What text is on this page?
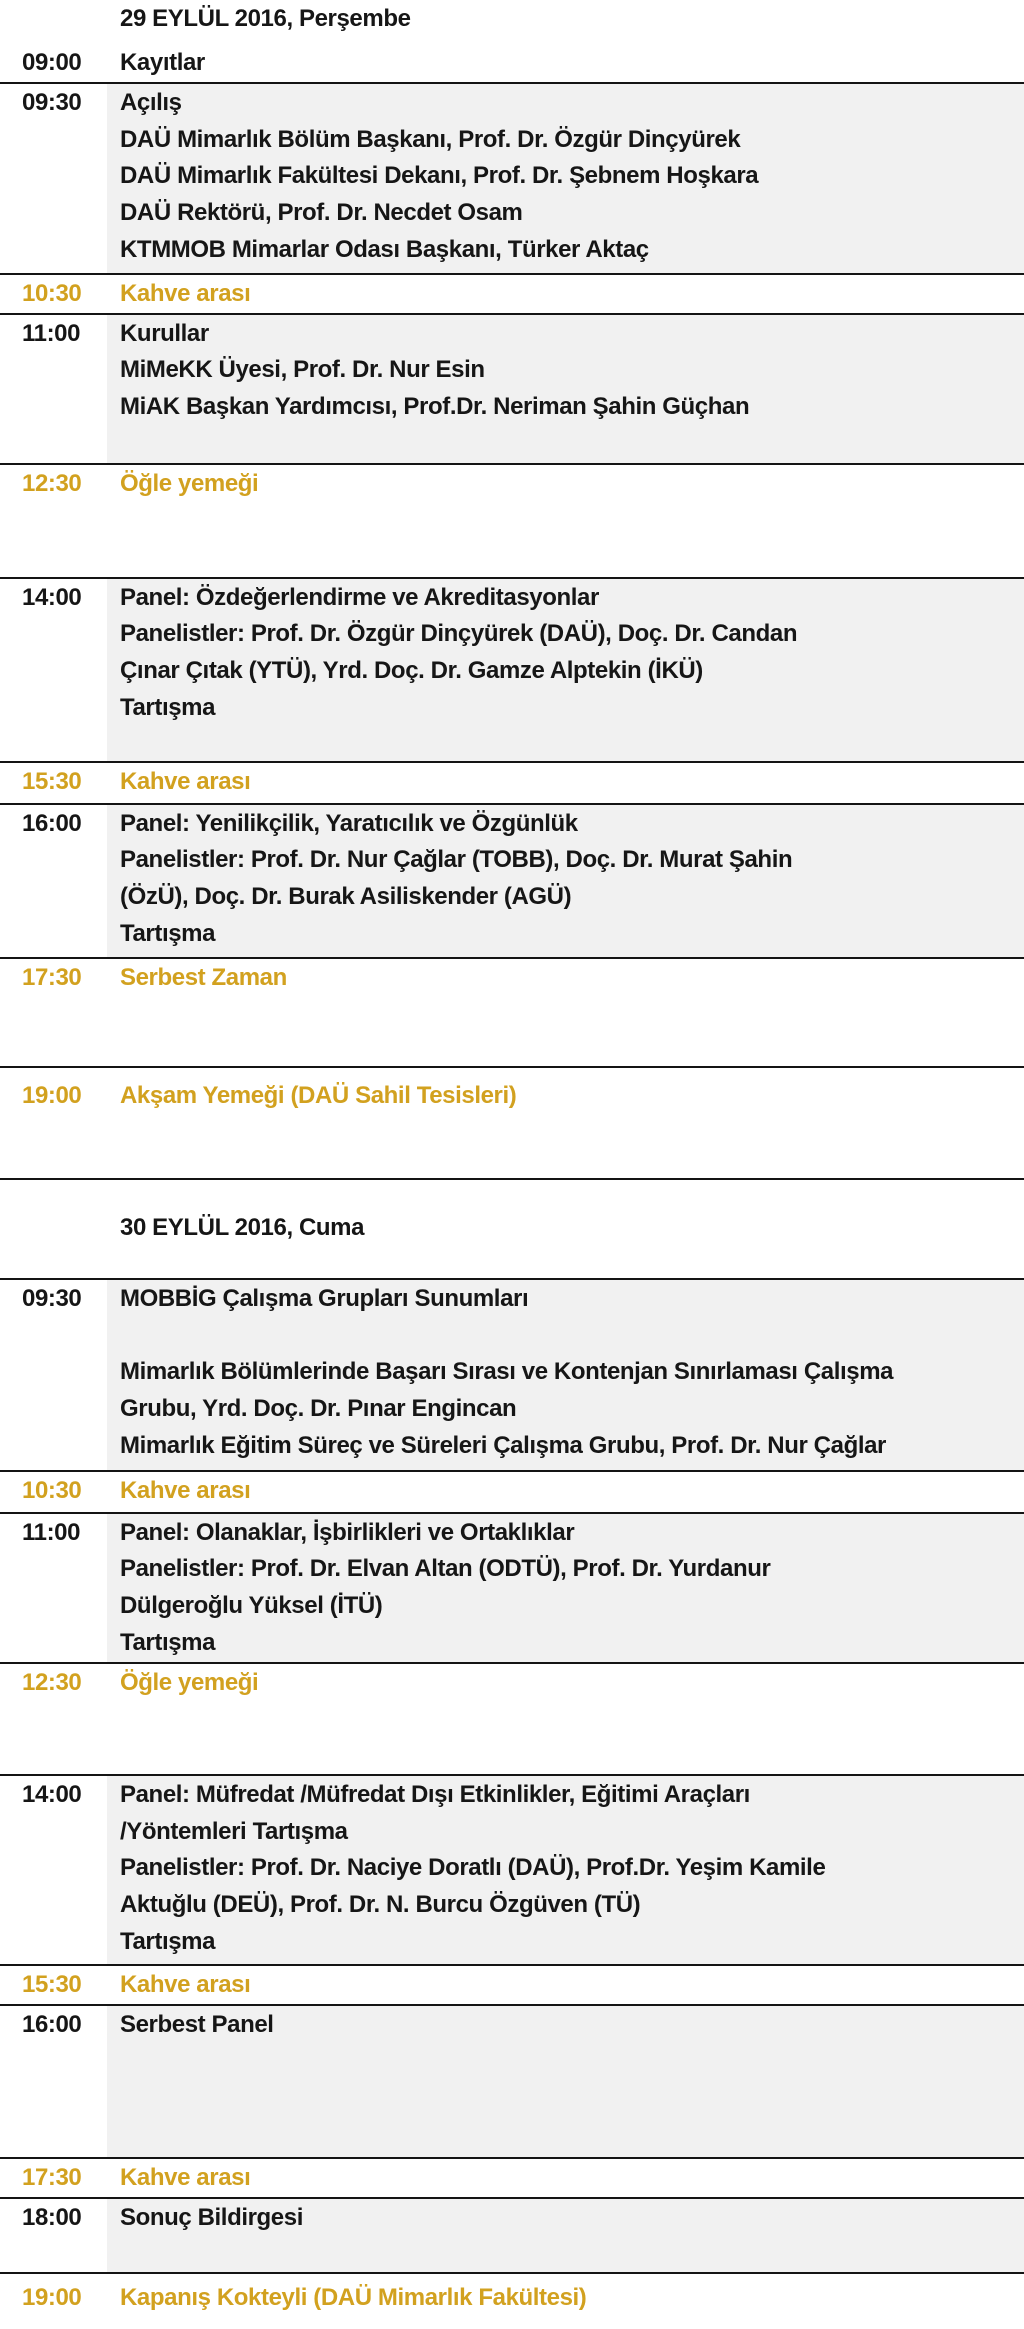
29 EYLÜL 2016, Perşembe
09:00	Kayıtlar
09:30	Açılış
DAÜ Mimarlık Bölüm Başkanı, Prof. Dr. Özgür Dinçyürek
DAÜ Mimarlık Fakültesi Dekanı, Prof. Dr. Şebnem Hoşkara
DAÜ Rektörü, Prof. Dr. Necdet Osam
KTMMOB Mimarlar Odası Başkanı, Türker Aktaç
10:30	Kahve arası
11:00	Kurullar
MiMeKK Üyesi, Prof. Dr. Nur Esin
MiAK Başkan Yardımcısı, Prof.Dr. Neriman Şahin Güçhan
12:30	Öğle yemeği
14:00	Panel: Özdeğerlendirme ve Akreditasyonlar
Panelistler: Prof. Dr. Özgür Dinçyürek (DAÜ), Doç. Dr. Candan
Çınar Çıtak (YTÜ), Yrd. Doç. Dr. Gamze Alptekin (İKÜ)
Tartışma
15:30	Kahve arası
16:00	Panel: Yenilikçilik, Yaratıcılık ve Özgünlük
Panelistler: Prof. Dr. Nur Çağlar (TOBB), Doç. Dr. Murat Şahin
(ÖzÜ), Doç. Dr. Burak Asiliskender (AGÜ)
Tartışma
17:30	Serbest Zaman
19:00	Akşam Yemeği (DAÜ Sahil Tesisleri)
30 EYLÜL 2016, Cuma
09:30	MOBBİG Çalışma Grupları Sunumları

Mimarlık Bölümlerinde Başarı Sırası ve Kontenjan Sınırlaması Çalışma
Grubu, Yrd. Doç. Dr. Pınar Engincan
Mimarlık Eğitim Süreç ve Süreleri Çalışma Grubu, Prof. Dr. Nur Çağlar
10:30	Kahve arası
11:00	Panel: Olanaklar, İşbirlikleri ve Ortaklıklar
Panelistler: Prof. Dr. Elvan Altan (ODTÜ), Prof. Dr. Yurdanur
Dülgeroğlu Yüksel (İTÜ)
Tartışma
12:30	Öğle yemeği
14:00	Panel: Müfredat /Müfredat Dışı Etkinlikler, Eğitimi Araçları
/Yöntemleri Tartışma
Panelistler: Prof. Dr. Naciye Doratlı (DAÜ), Prof.Dr. Yeşim Kamile
Aktuğlu (DEÜ), Prof. Dr. N. Burcu Özgüven (TÜ)
Tartışma
15:30	Kahve arası
16:00	Serbest Panel
17:30	Kahve arası
18:00	Sonuç Bildirgesi
19:00	Kapanış Kokteyli (DAÜ Mimarlık Fakültesi)
